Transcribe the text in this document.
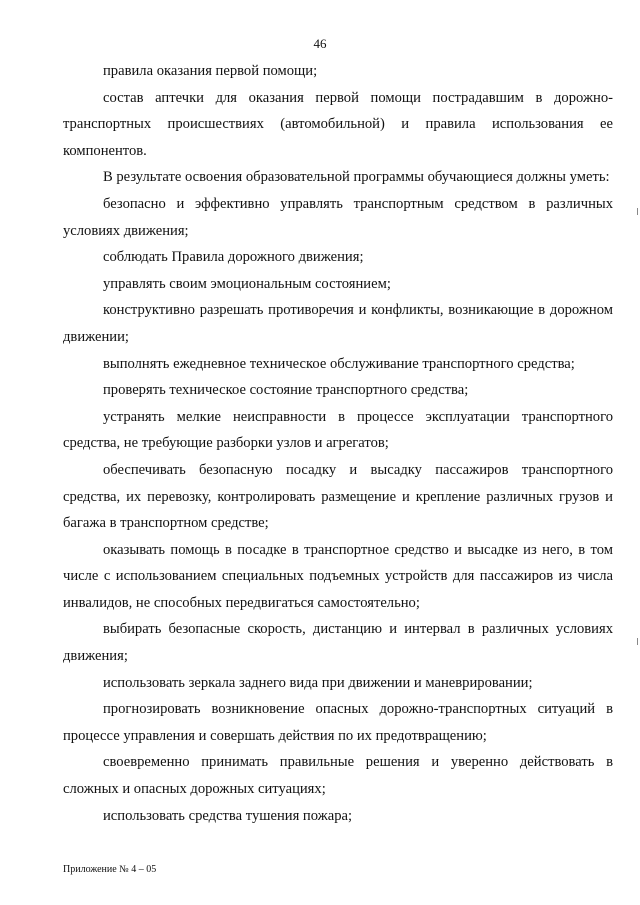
46

правила оказания первой помощи;

состав аптечки для оказания первой помощи пострадавшим в дорожно-транспортных происшествиях (автомобильной) и правила использования ее компонентов.

В результате освоения образовательной программы обучающиеся должны уметь:

безопасно и эффективно управлять транспортным средством в различных условиях движения;

соблюдать Правила дорожного движения;

управлять своим эмоциональным состоянием;

конструктивно разрешать противоречия и конфликты, возникающие в дорожном движении;

выполнять ежедневное техническое обслуживание транспортного средства;

проверять техническое состояние транспортного средства;

устранять мелкие неисправности в процессе эксплуатации транспортного средства, не требующие разборки узлов и агрегатов;

обеспечивать безопасную посадку и высадку пассажиров транспортного средства, их перевозку, контролировать размещение и крепление различных грузов и багажа в транспортном средстве;

оказывать помощь в посадке в транспортное средство и высадке из него, в том числе с использованием специальных подъемных устройств для пассажиров из числа инвалидов, не способных передвигаться самостоятельно;

выбирать безопасные скорость, дистанцию и интервал в различных условиях движения;

использовать зеркала заднего вида при движении и маневрировании;

прогнозировать возникновение опасных дорожно-транспортных ситуаций в процессе управления и совершать действия по их предотвращению;

своевременно принимать правильные решения и уверенно действовать в сложных и опасных дорожных ситуациях;

использовать средства тушения пожара;

Приложение № 4 – 05
